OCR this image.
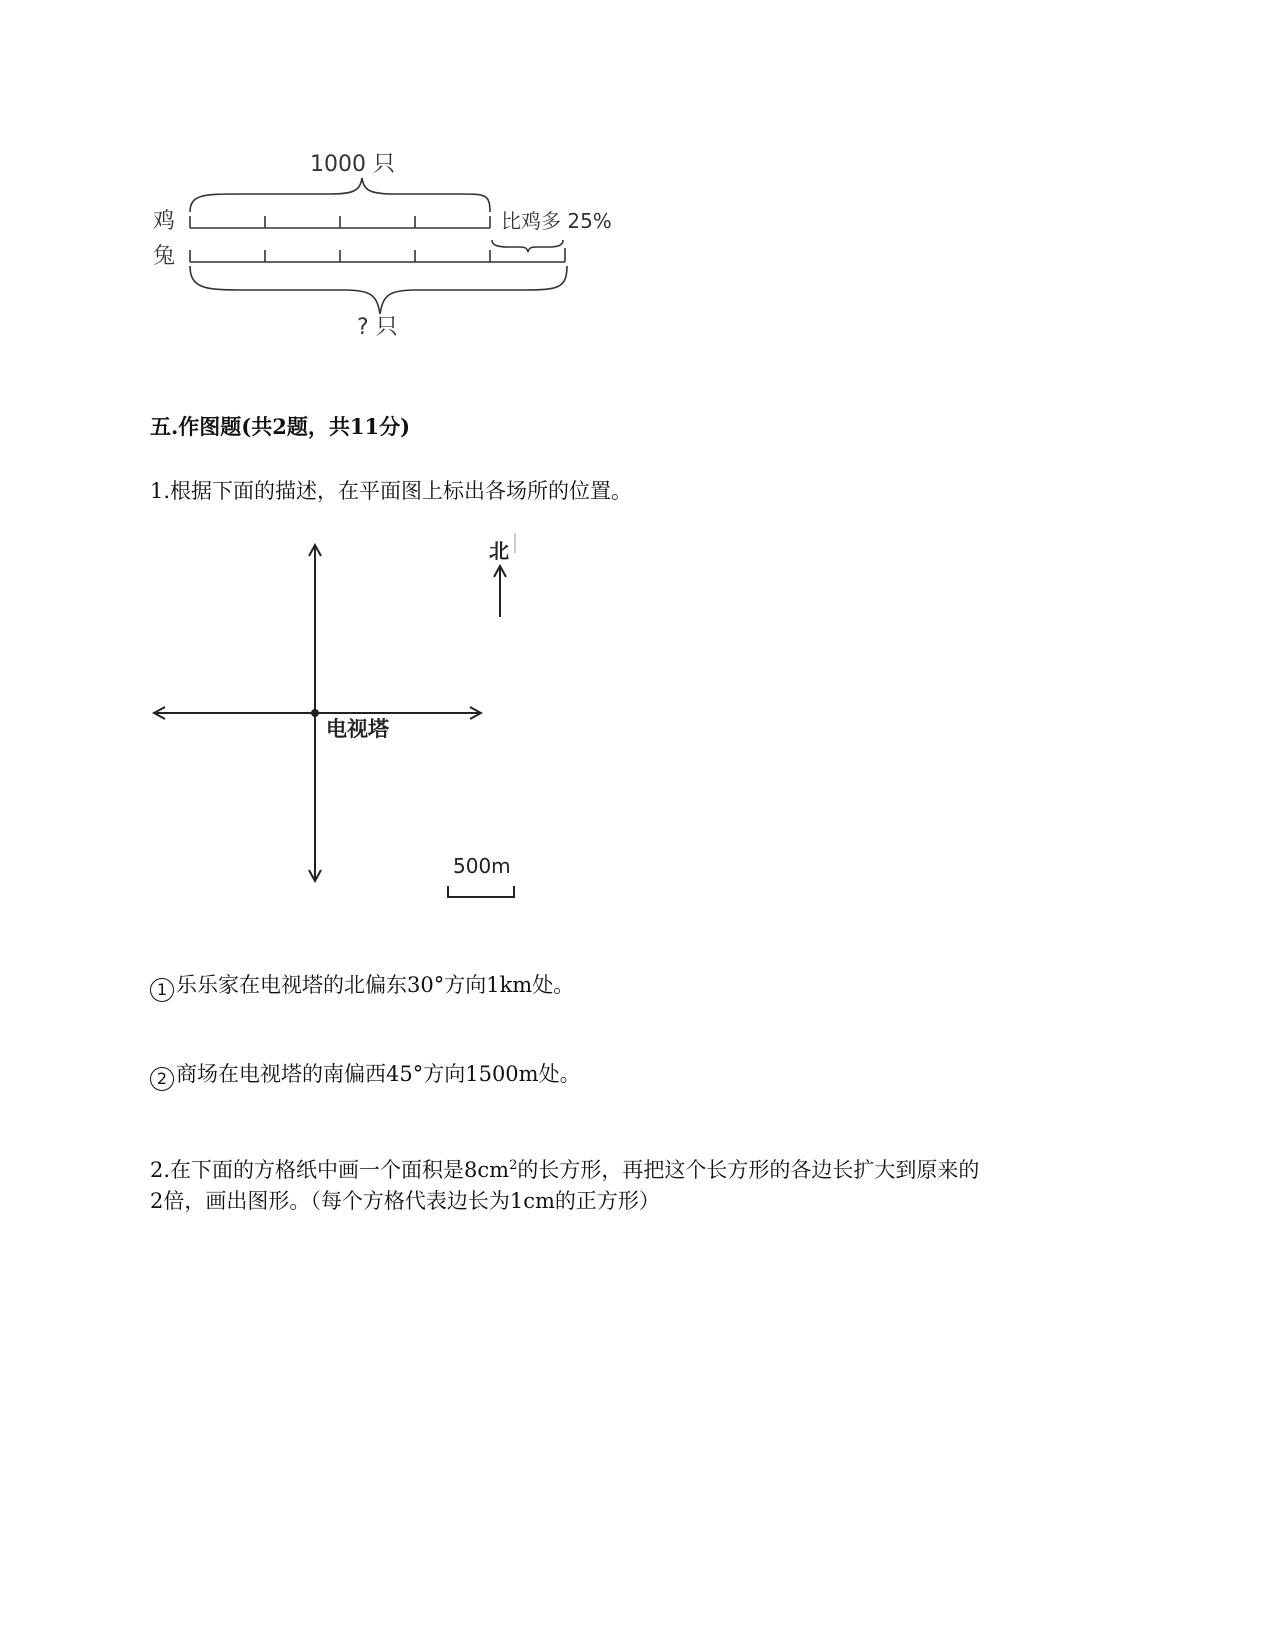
1000 只
鸡
兔
比鸡多 25%
? 只
五.作图题(共2题，共11分)
1.根据下面的描述，在平面图上标出各场所的位置。
北
电视塔
500m
1 乐乐家在电视塔的北偏东30°方向1km处。
2 商场在电视塔的南偏西45°方向1500m处。
2.在下面的方格纸中画一个面积是$8cm^2$的长方形，再把这个长方形的各边长扩大到原来的
2倍，画出图形。（每个方格代表边长为1cm的正方形）
